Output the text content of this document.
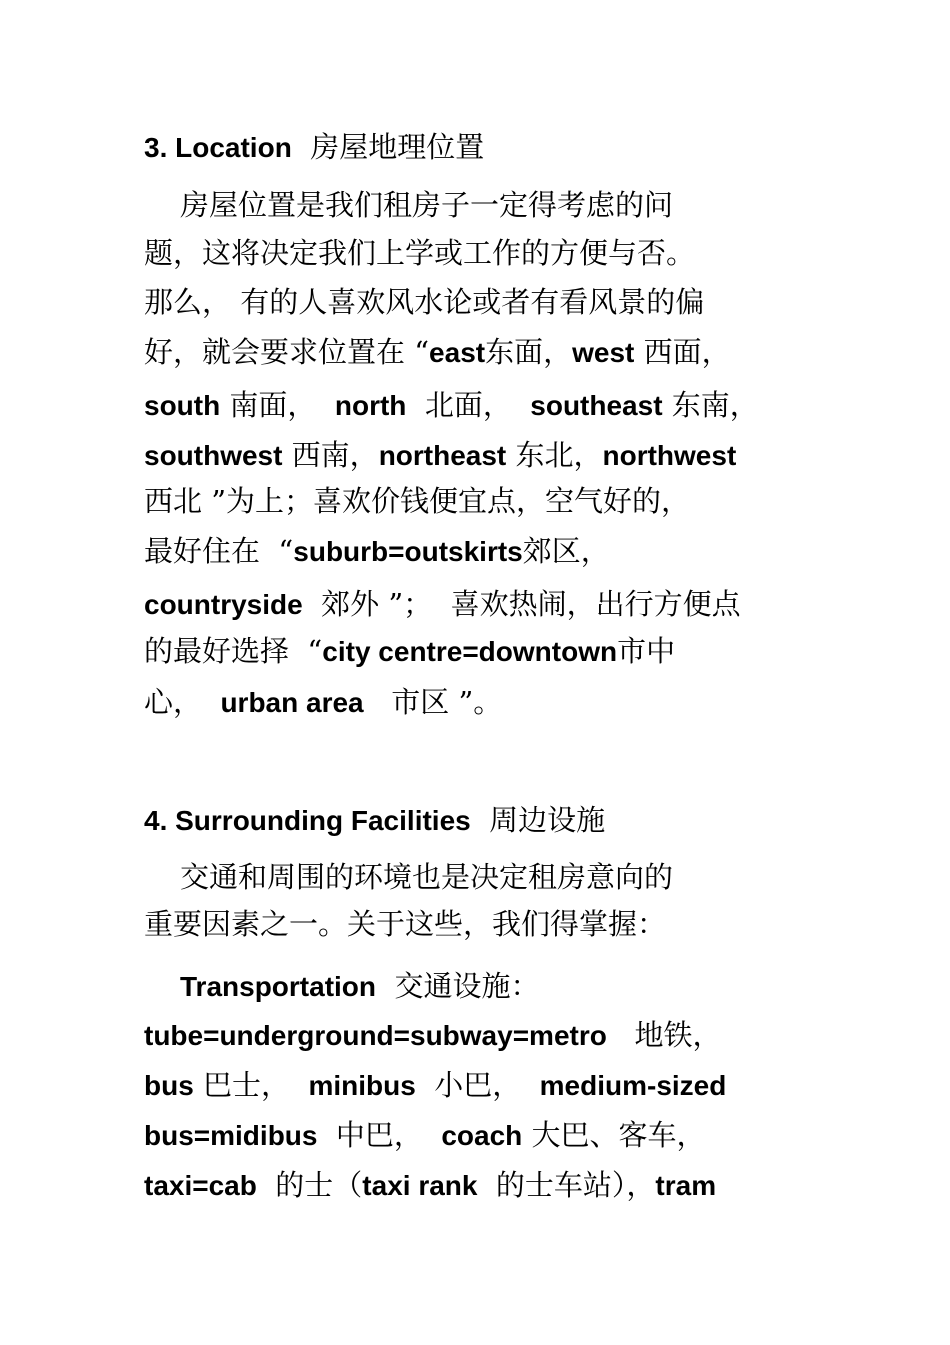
3. Location 房屋地理位置
房屋位置是我们租房子一定得考虑的问
题，这将决定我们上学或工作的方便与否。
那么， 有的人喜欢风水论或者有看风景的偏
好，就会要求位置在 “east东面，west 西面，
south 南面，  north  北面，  southeast 东南，
southwest 西南，northeast 东北，northwest
西北 ”为上；喜欢价钱便宜点，空气好的，
最好住在  “suburb=outskirts郊区，
countryside  郊外 ”；  喜欢热闹，出行方便点
的最好选择  “city centre=downtown市中
心，  urban area   市区 ”。
4. Surrounding Facilities 周边设施
交通和周围的环境也是决定租房意向的
重要因素之一。关于这些，我们得掌握：
Transportation  交通设施：
tube=underground=subway=metro   地铁，
bus 巴士，  minibus  小巴，  medium-sized
bus=midibus  中巴，  coach 大巴、客车，
taxi=cab  的士（taxi rank  的士车站），tram
